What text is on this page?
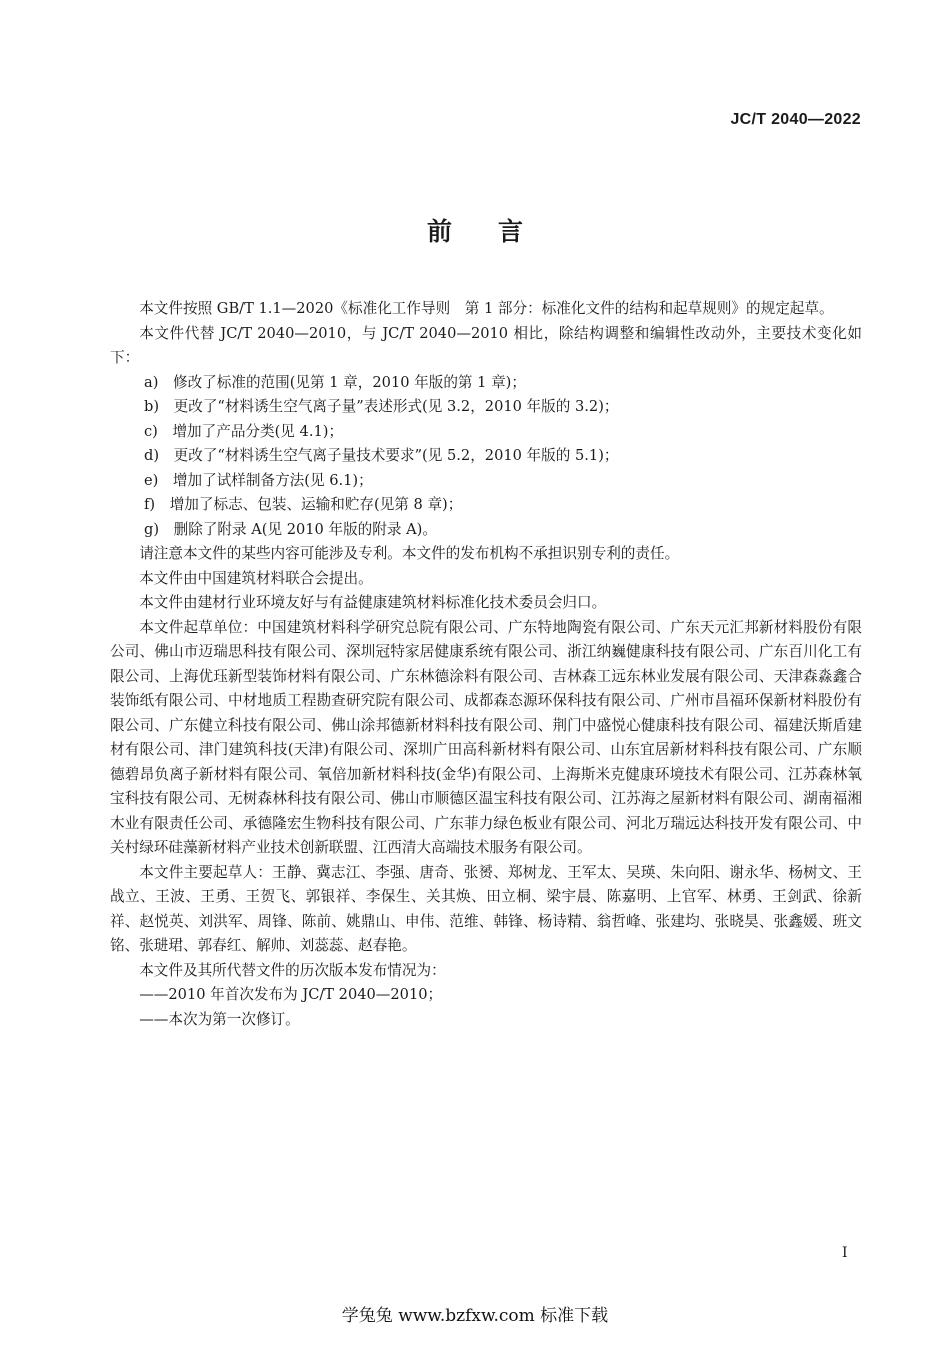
JC/T 2040—2022
前言

本文件按照 GB/T 1.1—2020《标准化工作导则　第 1 部分：标准化文件的结构和起草规则》的规定起草。

本文件代替 JC/T 2040—2010，与 JC/T 2040—2010 相比，除结构调整和编辑性改动外，主要技术变化如下：

a)　修改了标准的范围(见第 1 章，2010 年版的第 1 章)；

b)　更改了“材料诱生空气离子量”表述形式(见 3.2，2010 年版的 3.2)；

c)　增加了产品分类(见 4.1)；

d)　更改了“材料诱生空气离子量技术要求”(见 5.2，2010 年版的 5.1)；

e)　增加了试样制备方法(见 6.1)；

f)　增加了标志、包装、运输和贮存(见第 8 章)；

g)　删除了附录 A(见 2010 年版的附录 A)。

请注意本文件的某些内容可能涉及专利。本文件的发布机构不承担识别专利的责任。

本文件由中国建筑材料联合会提出。

本文件由建材行业环境友好与有益健康建筑材料标准化技术委员会归口。

本文件起草单位：中国建筑材料科学研究总院有限公司、广东特地陶瓷有限公司、广东天元汇邦新材料股份有限公司、佛山市迈瑞思科技有限公司、深圳冠特家居健康系统有限公司、浙江纳巍健康科技有限公司、广东百川化工有限公司、上海优珏新型装饰材料有限公司、广东林德涂料有限公司、吉林森工远东林业发展有限公司、天津森淼鑫合装饰纸有限公司、中材地质工程勘查研究院有限公司、成都森态源环保科技有限公司、广州市昌福环保新材料股份有限公司、广东健立科技有限公司、佛山涂邦德新材料科技有限公司、荆门中盛悦心健康科技有限公司、福建沃斯盾建材有限公司、津门建筑科技(天津)有限公司、深圳广田高科新材料有限公司、山东宜居新材料科技有限公司、广东顺德碧昂负离子新材料有限公司、氧倍加新材料科技(金华)有限公司、上海斯米克健康环境技术有限公司、江苏森林氧宝科技有限公司、无树森林科技有限公司、佛山市顺德区温宝科技有限公司、江苏海之屋新材料有限公司、湖南福湘木业有限责任公司、承德隆宏生物科技有限公司、广东菲力绿色板业有限公司、河北万瑞远达科技开发有限公司、中关村绿环硅藻新材料产业技术创新联盟、江西清大高端技术服务有限公司。

本文件主要起草人：王静、冀志江、李强、唐奇、张赟、郑树龙、王军太、吴瑛、朱向阳、谢永华、杨树文、王战立、王波、王勇、王贺飞、郭银祥、李保生、关其焕、田立桐、梁宇晨、陈嘉明、上官军、林勇、王剑武、徐新祥、赵悦英、刘洪军、周锋、陈前、姚鼎山、申伟、范维、韩锋、杨诗精、翁哲峰、张建均、张晓昊、张鑫媛、班文铭、张琎珺、郭春红、解帅、刘蕊蕊、赵春艳。

本文件及其所代替文件的历次版本发布情况为：

——2010 年首次发布为 JC/T 2040—2010；

——本次为第一次修订。

I
学兔兔 www.bzfxw.com 标准下载
